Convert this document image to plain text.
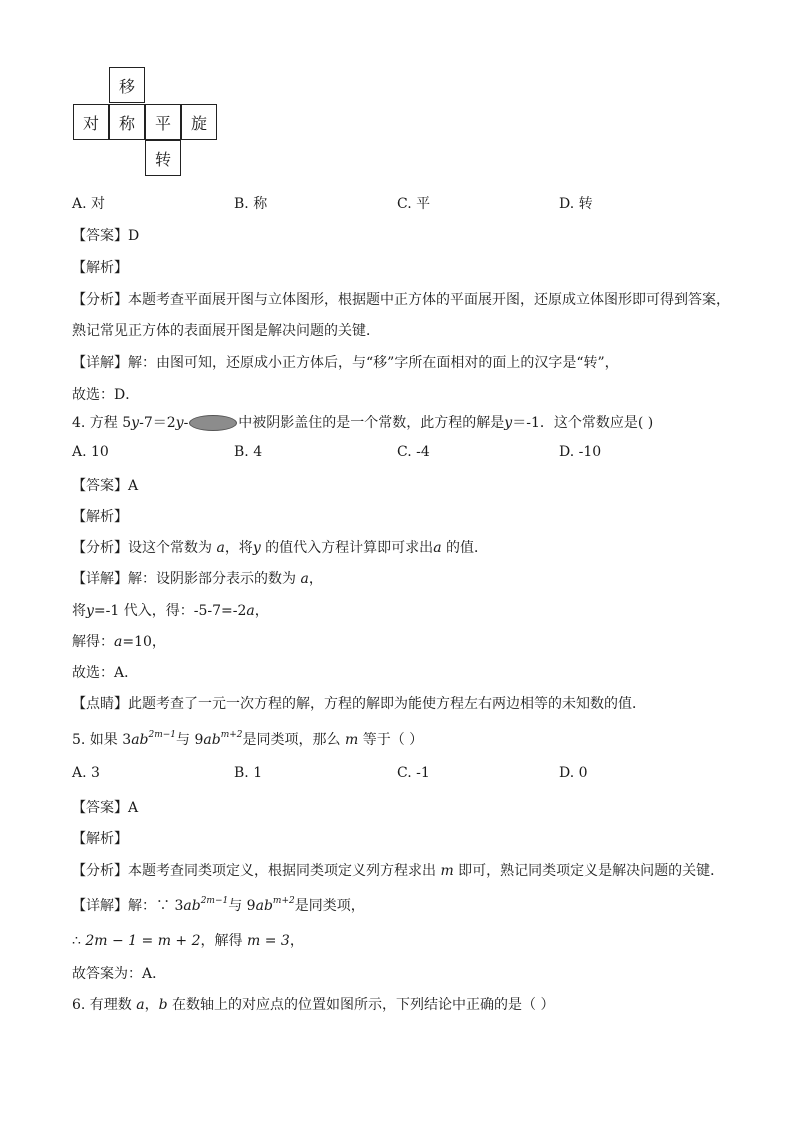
移
对	称	平	旋
转
A. 对	B. 称	C. 平	D. 转
【答案】D
【解析】
【分析】本题考查平面展开图与立体图形，根据题中正方体的平面展开图，还原成立体图形即可得到答案，
熟记常见正方体的表面展开图是解决问题的关键．
【详解】解：由图可知，还原成小正方体后，与“移”字所在面相对的面上的汉字是“转”，
故选：D．
4. 方程 5y-7＝2y-	中被阴影盖住的是一个常数，此方程的解是y＝-1．这个常数应是( )
A. 10	B. 4	C. -4	D. -10
【答案】A
【解析】
【分析】设这个常数为 a，将y 的值代入方程计算即可求出a 的值．
【详解】解：设阴影部分表示的数为 a，
将y=-1 代入，得：-5-7=-2a，
解得：a=10，
故选：A．
【点睛】此题考查了一元一次方程的解，方程的解即为能使方程左右两边相等的未知数的值．
5. 如果 $3ab^{2m-1}$与 $9ab^{m+2}$是同类项，那么 m 等于（ ）
A. 3	B. 1	C. -1	D. 0
【答案】A
【解析】
【分析】本题考查同类项定义，根据同类项定义列方程求出 m 即可，熟记同类项定义是解决问题的关键．
【详解】解：∵ $3ab^{2m-1}$与 $9ab^{m+2}$是同类项，
∴ 2m − 1 = m + 2，解得 m = 3，
故答案为：A．
6. 有理数 a，b 在数轴上的对应点的位置如图所示，下列结论中正确的是（ ）
